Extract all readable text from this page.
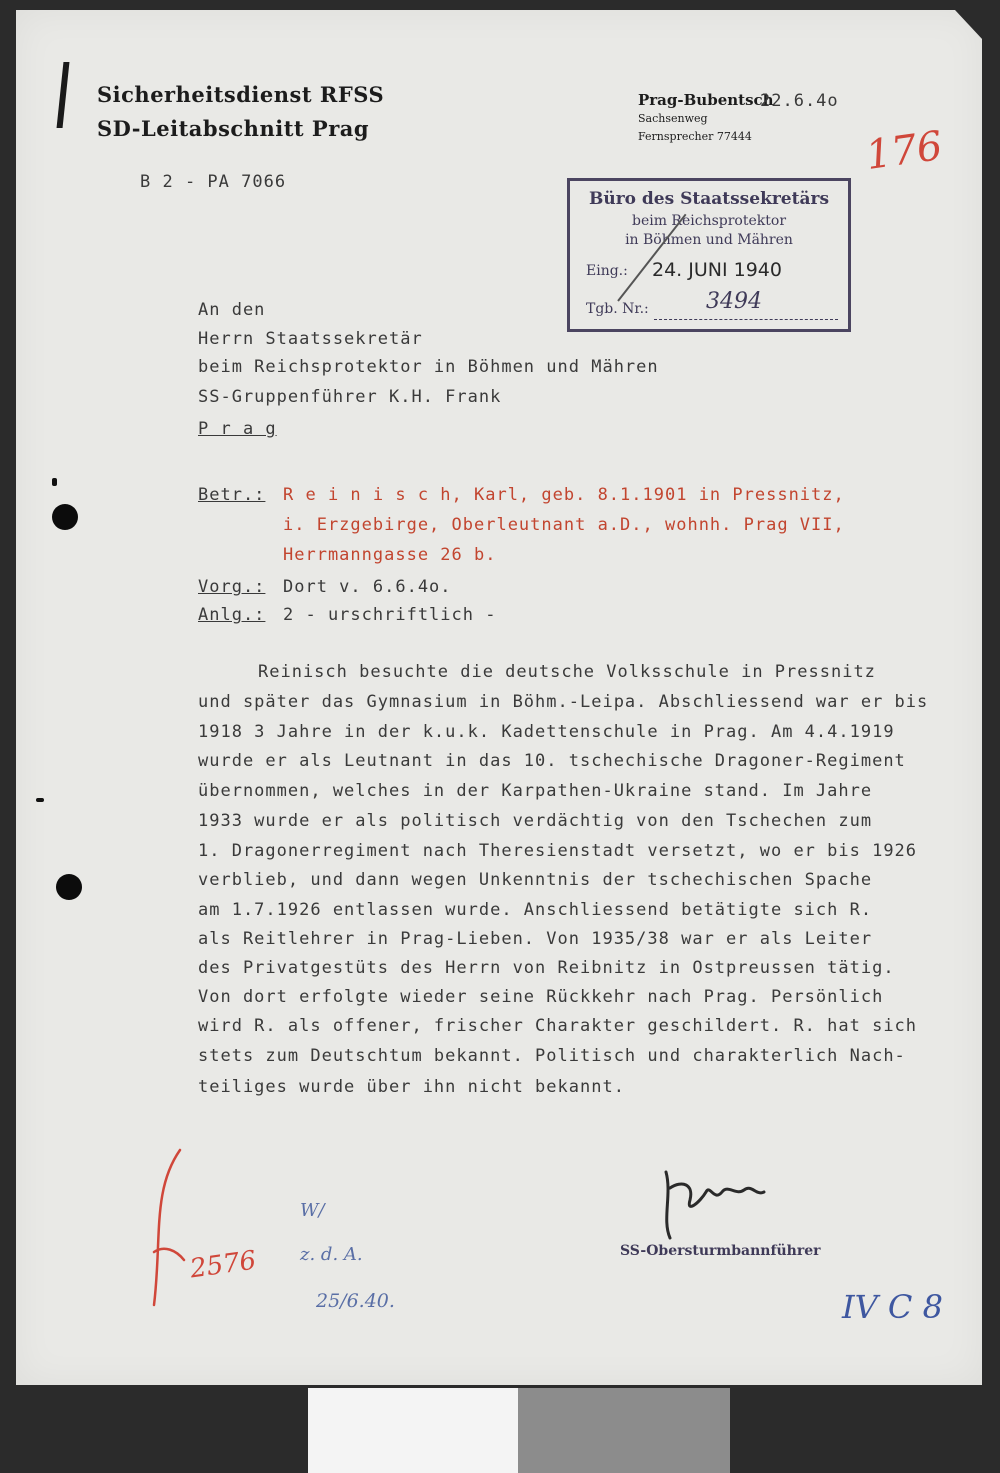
Sicherheitsdienst RFSS
SD-Leitabschnitt Prag
B 2 - PA 7066
Prag-Bubentsch
22.6.4o
Sachsenweg
Fernsprecher 77444	176
Büro des Staatssekretärs
beim Reichsprotektor
in Böhmen und Mähren
Eing.: 24. JUNI 1940
Tgb. Nr.:	3494
An den
Herrn Staatssekretär
beim Reichsprotektor in Böhmen und Mähren
SS-Gruppenführer K.H. Frank
P r a g
Betr.: R e i n i s c h, Karl, geb. 8.1.1901 in Pressnitz,
i. Erzgebirge, Oberleutnant a.D., wohnh. Prag VII,
Herrmanngasse 26 b.
Vorg.: Dort v. 6.6.4o.
Anlg.: 2 - urschriftlich -
Reinisch besuchte die deutsche Volksschule in Pressnitz
und später das Gymnasium in Böhm.-Leipa. Abschliessend war er bis
1918 3 Jahre in der k.u.k. Kadettenschule in Prag. Am 4.4.1919
wurde er als Leutnant in das 10. tschechische Dragoner-Regiment
übernommen, welches in der Karpathen-Ukraine stand. Im Jahre
1933 wurde er als politisch verdächtig von den Tschechen zum
1. Dragonerregiment nach Theresienstadt versetzt, wo er bis 1926
verblieb, und dann wegen Unkenntnis der tschechischen Spache
am 1.7.1926 entlassen wurde. Anschliessend betätigte sich R.
als Reitlehrer in Prag-Lieben. Von 1935/38 war er als Leiter
des Privatgestüts des Herrn von Reibnitz in Ostpreussen tätig.
Von dort erfolgte wieder seine Rückkehr nach Prag. Persönlich
wird R. als offener, frischer Charakter geschildert. R. hat sich
stets zum Deutschtum bekannt. Politisch und charakterlich Nach-
teiliges wurde über ihn nicht bekannt.
SS-Obersturmbannführer
2576
W/
z. d. A.
25/6.40.	IV C 8
